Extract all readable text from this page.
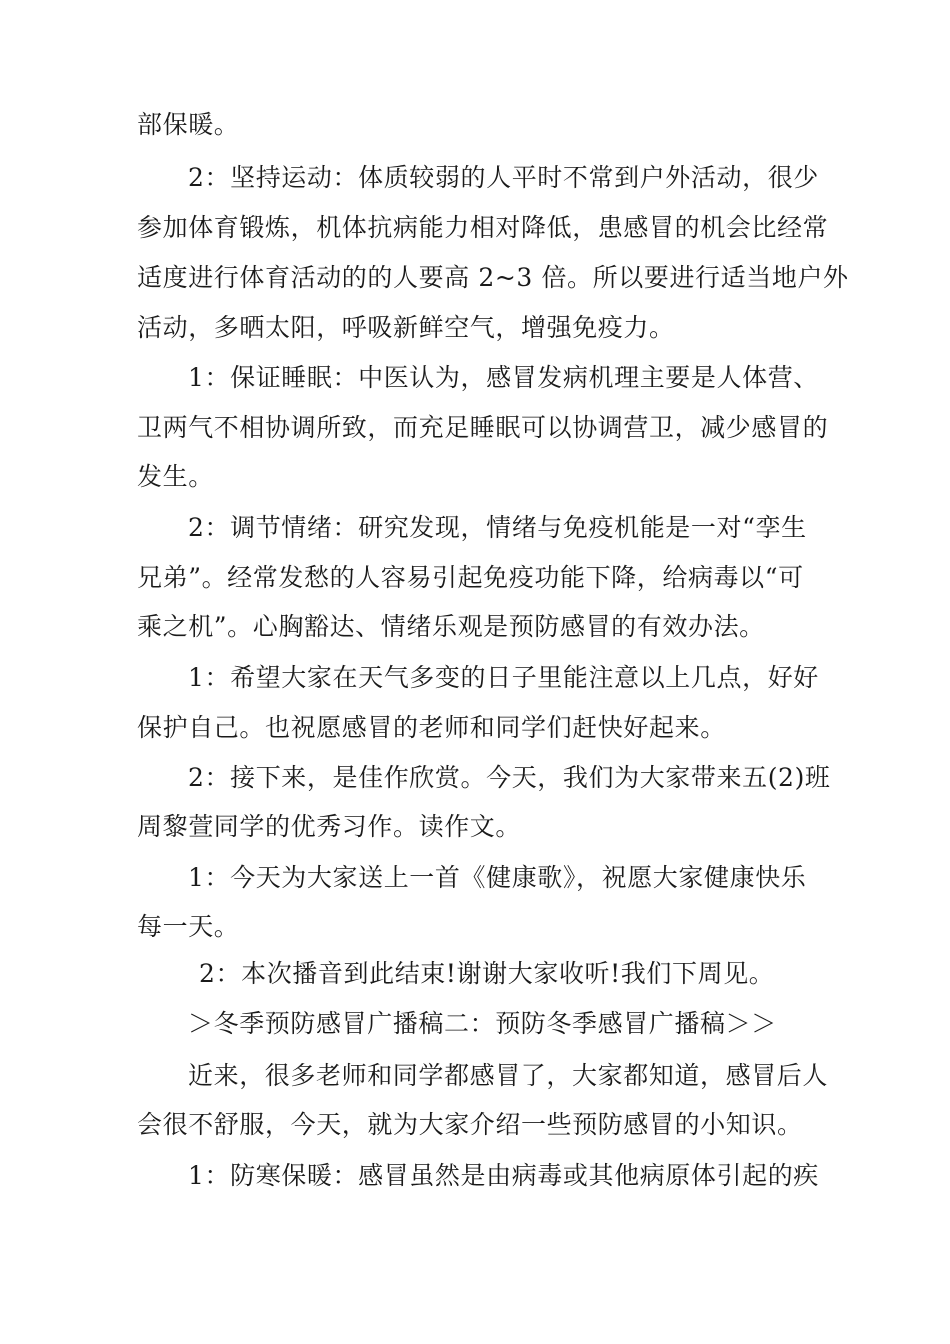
部保暖。
2：坚持运动：体质较弱的人平时不常到户外活动，很少
参加体育锻炼，机体抗病能力相对降低，患感冒的机会比经常
适度进行体育活动的的人要高 2~3 倍。所以要进行适当地户外
活动，多晒太阳，呼吸新鲜空气，增强免疫力。
1：保证睡眠：中医认为，感冒发病机理主要是人体营、
卫两气不相协调所致，而充足睡眠可以协调营卫，减少感冒的
发生。
2：调节情绪：研究发现，情绪与免疫机能是一对“孪生
兄弟”。经常发愁的人容易引起免疫功能下降，给病毒以“可
乘之机”。心胸豁达、情绪乐观是预防感冒的有效办法。
1：希望大家在天气多变的日子里能注意以上几点，好好
保护自己。也祝愿感冒的老师和同学们赶快好起来。
2：接下来，是佳作欣赏。今天，我们为大家带来五(2)班
周黎萱同学的优秀习作。读作文。
1：今天为大家送上一首《健康歌》，祝愿大家健康快乐
每一天。
2：本次播音到此结束!谢谢大家收听!我们下周见。
＞冬季预防感冒广播稿二：预防冬季感冒广播稿＞＞
近来，很多老师和同学都感冒了，大家都知道，感冒后人
会很不舒服，今天，就为大家介绍一些预防感冒的小知识。
1：防寒保暖：感冒虽然是由病毒或其他病原体引起的疾
